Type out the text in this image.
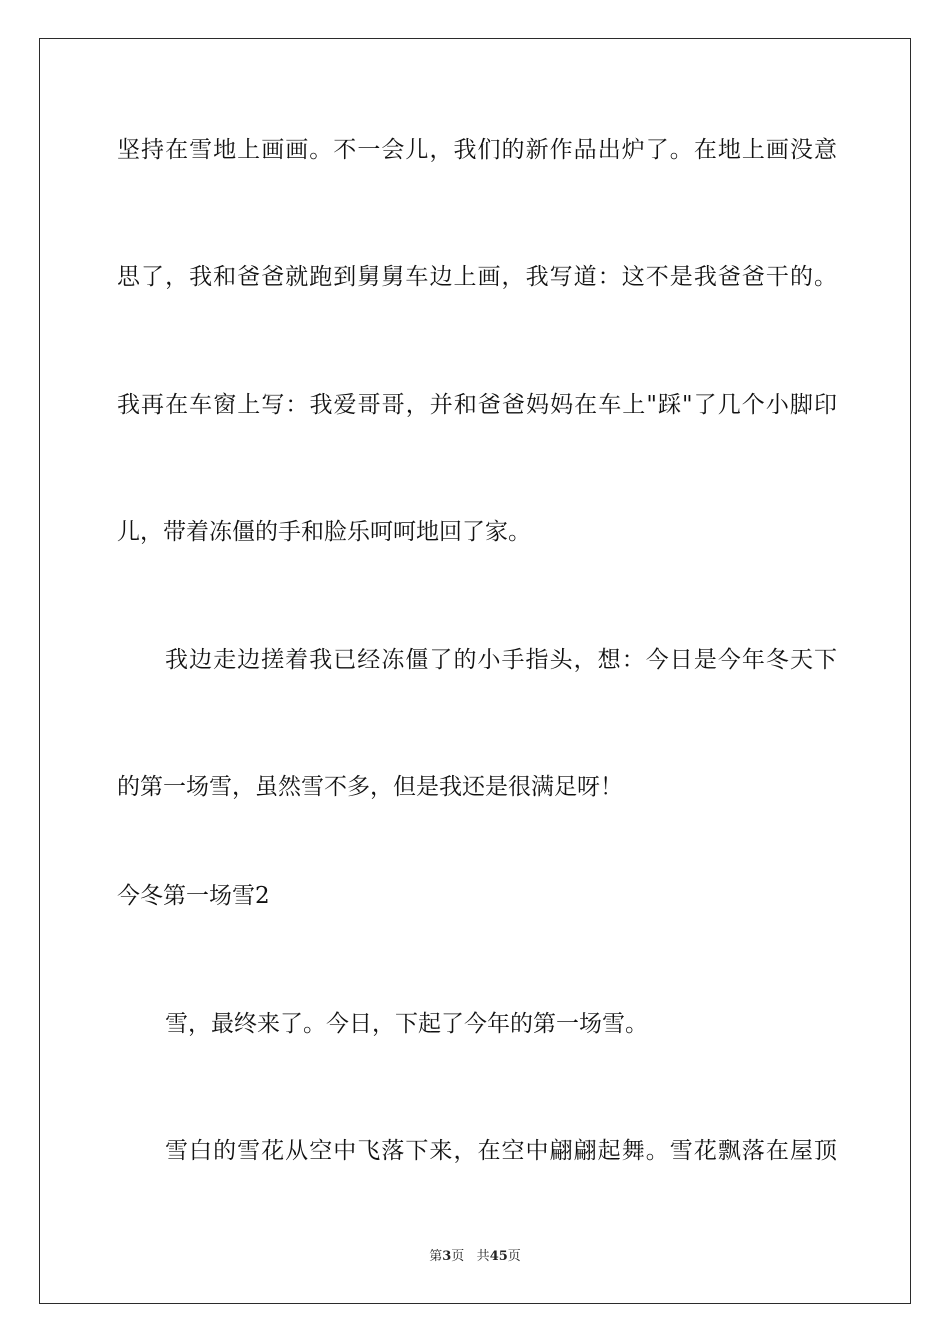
坚持在雪地上画画。不一会儿，我们的新作品出炉了。在地上画没意

思了，我和爸爸就跑到舅舅车边上画，我写道：这不是我爸爸干的。

我再在车窗上写：我爱哥哥，并和爸爸妈妈在车上"踩"了几个小脚印

儿，带着冻僵的手和脸乐呵呵地回了家。

我边走边搓着我已经冻僵了的小手指头，想：今日是今年冬天下

的第一场雪，虽然雪不多，但是我还是很满足呀！

今冬第一场雪2

雪，最终来了。今日，下起了今年的第一场雪。

雪白的雪花从空中飞落下来，在空中翩翩起舞。雪花飘落在屋顶

第3页 共45页
